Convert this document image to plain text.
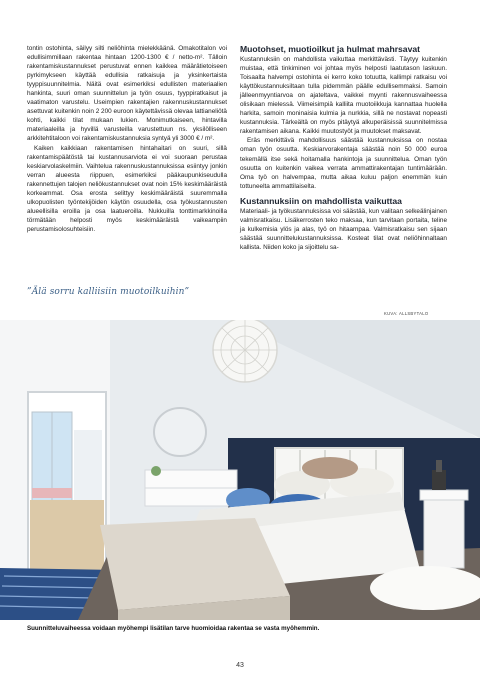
tontin ostohinta, säilyy silti neliöhinta mielekkäänä. Omakotitalon voi edullisimmillaan rakentaa hintaan 1200-1300 € / netto-m². Tälloin rakentamiskustannukset perustuvat ennen kaikkea määrätietoiseen pyrkimykseen käyttää edullisia ratkaisuja ja yksinkertaista tyyppisuunnitelmia. Näitä ovat esimerkiksi edullisten materiaalien hankinta, suuri oman suunnittelun ja työn osuus, tyyppiratkaisut ja vaatimaton varustelu. Useimpien rakentajien rakennuskustannukset asettuvat kuitenkin noin 2 200 euroon käytettävissä olevaa lattianeliötä kohti, kaikki tilat mukaan lukien. Monimutkaiseen, hintavilla materiaaleilla ja hyvillä varusteilla varustettuun ns. yksilölliseen arkkitehtitaloon voi rakentamiskustannuksia syntyä yli 3000 € / m².

Kaiken kaikkiaan rakentamisen hintahaitari on suuri, sillä rakentamispäätöstä tai kustannusarviota ei voi suoraan perustaa keskiarvolaskelmiin. Vaihtelua rakennuskustannuksissa esiintyy jonkin verran alueesta riippuen, esimerkiksi pääkaupunkiseudulla rakennettujen talojen neliökustannukset ovat noin 15% keskimääräistä korkeammat. Osa erosta selittyy keskimääräistä suuremmalla ulkopuolisten työntekijöiden käytön osuudella, osa työkustannusten alueellisilla eroilla ja osa laatueroilla. Nukkuilla tonttimarkkinoilla törmätään helposti myös keskimääräistä vaikeampiin perustamisolosuhteisiin.

”Älä sorru kalliisiin muotoilkuihin”
Muotohset, muotioilkut ja hulmat mahrsavat

Kustannuksiin on mahdollista vaikuttaa merkittävästi. Täytyy kuitenkin muistaa, että tinkiminen voi johtaa myös helposti laatutason laskuun. Toisaalta halvempi ostohinta ei kerro koko totuutta, kallimpi ratkaisu voi käyttökustannuksiltaan tulla pidemmän päälle edullisemmaksi. Samoin jälleenmyyntiarvoa on ajateltava, vaikkei myynti rakennusvaiheessa olisikaan mielessä. Viimeisimpiä kalliita muotoiikkuja kannattaa huolella harkita, samoin moninaisia kulmia ja nurkkia, sillä ne nostavat nopeasti kustannuksia. Tärkeältä on myös pitäytyä alkuperäisissä suunnitelmissa rakentamisen aikana. Kaikki muutostyöt ja muutokset maksavat.

Eräs merkittävä mahdollisuus säästää kustannuksissa on nostaa oman työn osuutta. Keskiarvorakentaja säästää noin 50 000 euroa tekemällä itse sekä hoitamalla hankintoja ja suunnittelua. Oman työn osuutta on kuitenkin vaikea verrata ammattirakentajan tuntimäärään. Oma työ on halvempaa, mutta aikaa kuluu paljon enemmän kuin tottuneelta ammattilaiselta.

Kustannuksiin on mahdollista vaikuttaa

Materiaali- ja työkustannuksissa voi säästää, kun valitaan selkeälinjainen valmisratkaisu. Lisäkerrosten teko maksaa, kun tarvitaan portaita, teline ja kulkemisia ylös ja alas, työ on hitaampaa. Valmisratkaisu sen sijaan säästää suunnittelukustannuksissa. Kosteat tilat ovat neliöhinnaltaan kallista. Niiden koko ja sijoittelu sa-

KUVA: ALLSBYTALO
Suunnitteluvaiheessa voidaan myöhempi lisätilan tarve huomioidaa rakentaa se vasta myöhemmin.
43
